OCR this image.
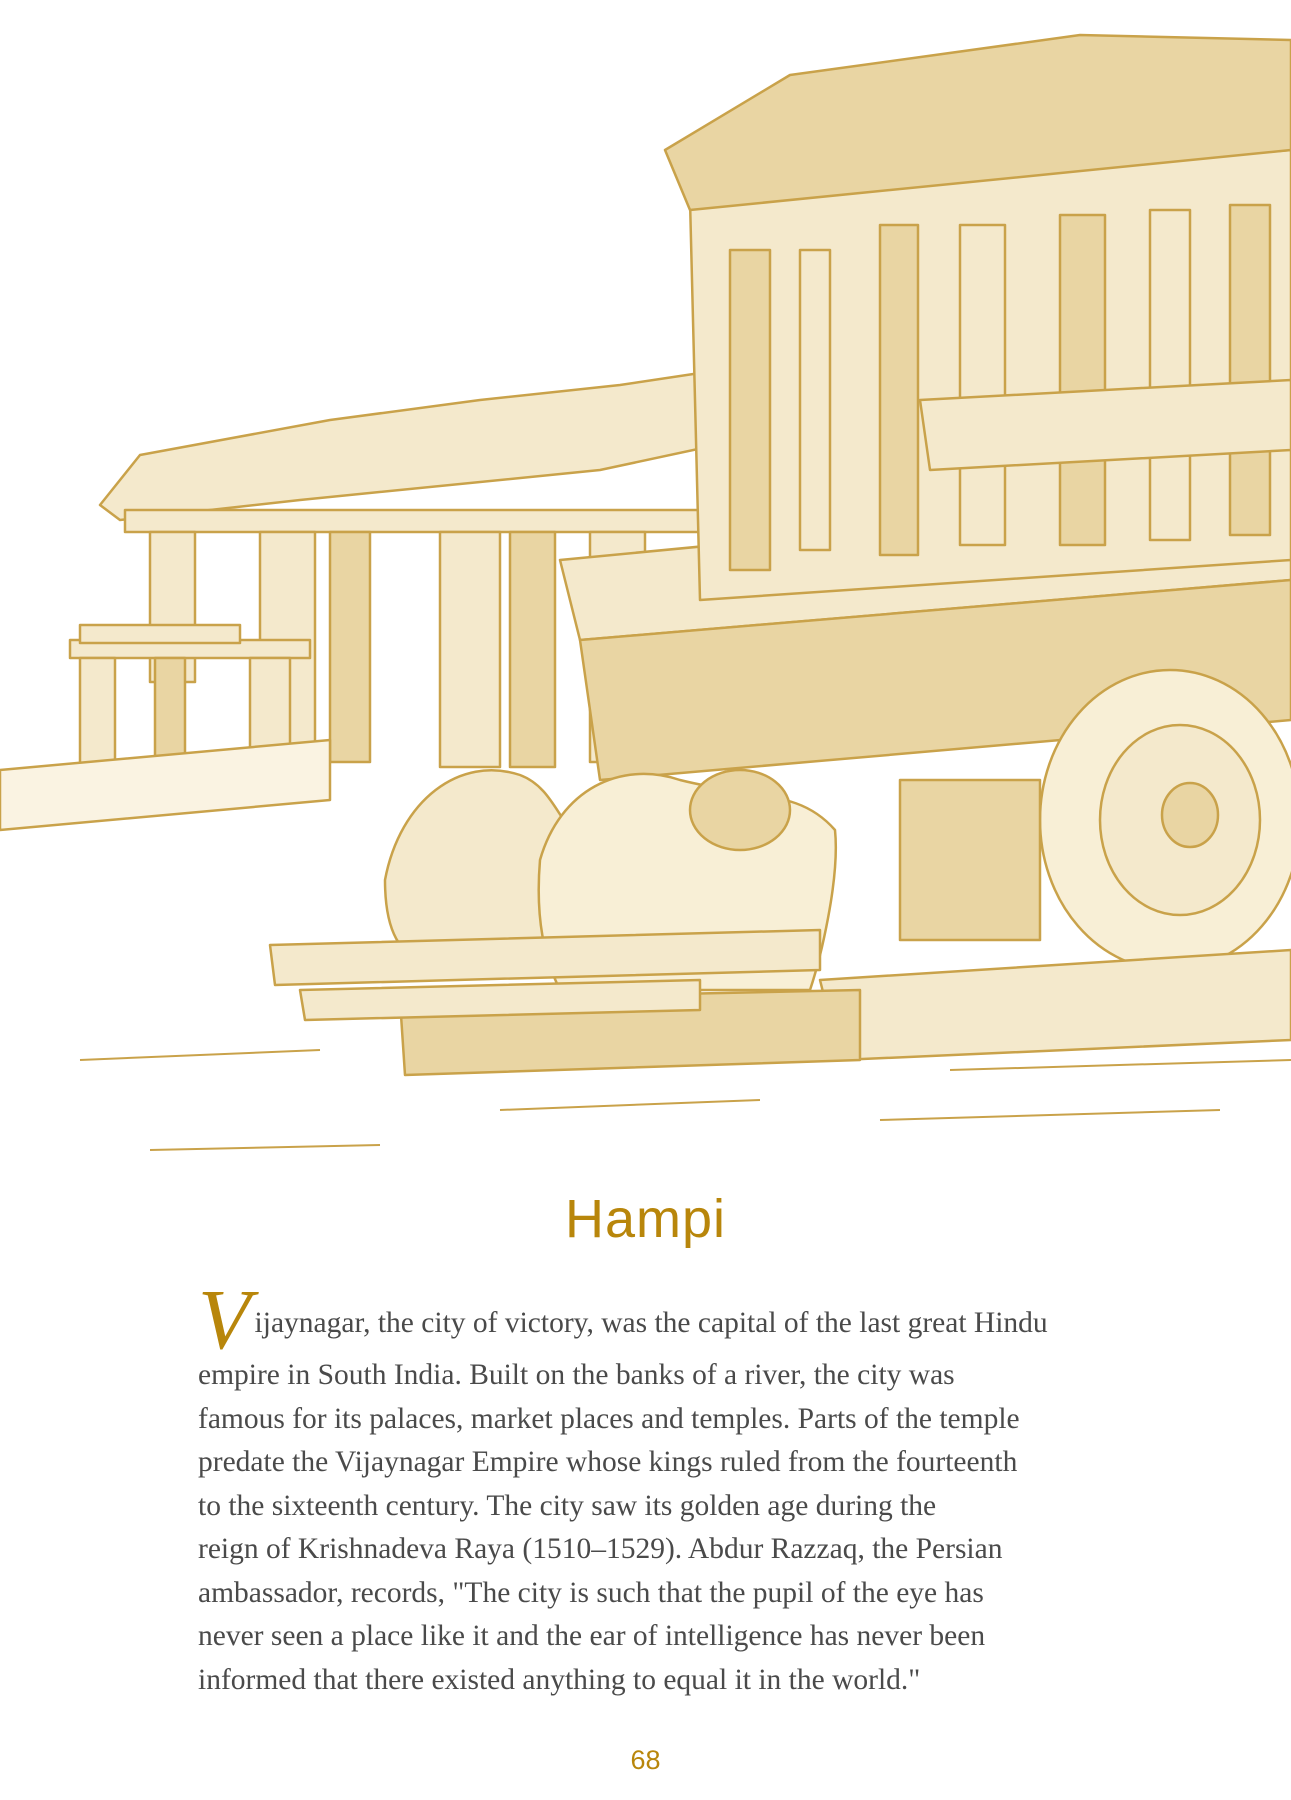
Hampi
V ijaynagar, the city of victory, was the capital of the last great Hindu
empire in South India. Built on the banks of a river, the city was
famous for its palaces, market places and temples. Parts of the temple
predate the Vijaynagar Empire whose kings ruled from the fourteenth
to the sixteenth century. The city saw its golden age during the
reign of Krishnadeva Raya (1510–1529). Abdur Razzaq, the Persian
ambassador, records, "The city is such that the pupil of the eye has
never seen a place like it and the ear of intelligence has never been
informed that there existed anything to equal it in the world."
68
